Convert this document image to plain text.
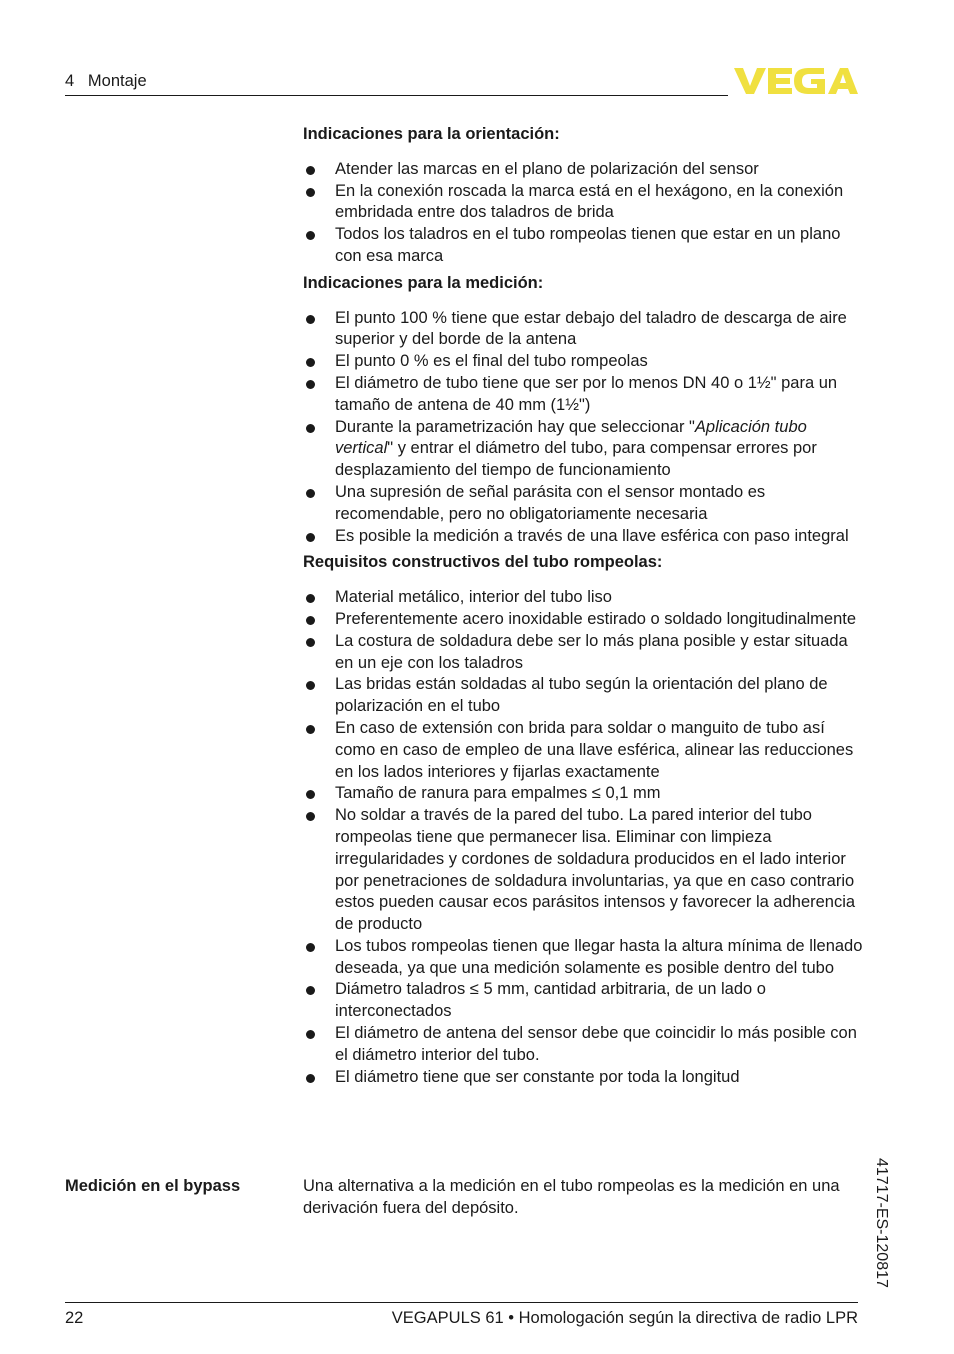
4   Montaje

Indicaciones para la orientación:

Atender las marcas en el plano de polarización del sensor
En la conexión roscada la marca está en el hexágono, en la conexión embridada entre dos taladros de brida
Todos los taladros en el tubo rompeolas tienen que estar en un plano con esa marca

Indicaciones para la medición:

El punto 100 % tiene que estar debajo del taladro de descarga de aire superior y del borde de la antena
El punto 0 % es el final del tubo rompeolas
El diámetro de tubo tiene que ser por lo menos DN 40 o 1½" para un tamaño de antena de 40 mm (1½")
Durante la parametrización hay que seleccionar "Aplicación tubo vertical" y entrar el diámetro del tubo, para compensar errores por desplazamiento del tiempo de funcionamiento
Una supresión de señal parásita con el sensor montado es recomendable, pero no obligatoriamente necesaria
Es posible la medición a través de una llave esférica con paso integral

Requisitos constructivos del tubo rompeolas:

Material metálico, interior del tubo liso
Preferentemente acero inoxidable estirado o soldado longitudinalmente
La costura de soldadura debe ser lo más plana posible y estar situada en un eje con los taladros
Las bridas están soldadas al tubo según la orientación del plano de polarización en el tubo
En caso de extensión con brida para soldar o manguito de tubo así como en caso de empleo de una llave esférica, alinear las reducciones en los lados interiores y fijarlas exactamente
Tamaño de ranura para empalmes ≤ 0,1 mm
No soldar a través de la pared del tubo. La pared interior del tubo rompeolas tiene que permanecer lisa. Eliminar con limpieza irregularidades y cordones de soldadura producidos en el lado interior por penetraciones de soldadura involuntarias, ya que en caso contrario estos pueden causar ecos parásitos intensos y favorecer la adherencia de producto
Los tubos rompeolas tienen que llegar hasta la altura mínima de llenado deseada, ya que una medición solamente es posible dentro del tubo
Diámetro taladros ≤ 5 mm, cantidad arbitraria, de un lado o interconectados
El diámetro de antena del sensor debe que coincidir lo más posible con el diámetro interior del tubo.
El diámetro tiene que ser constante por toda la longitud
Medición en el bypass	Una alternativa a la medición en el tubo rompeolas es la medición en una derivación fuera del depósito.	41717-ES-120817
22	VEGAPULS 61 • Homologación según la directiva de radio LPR
